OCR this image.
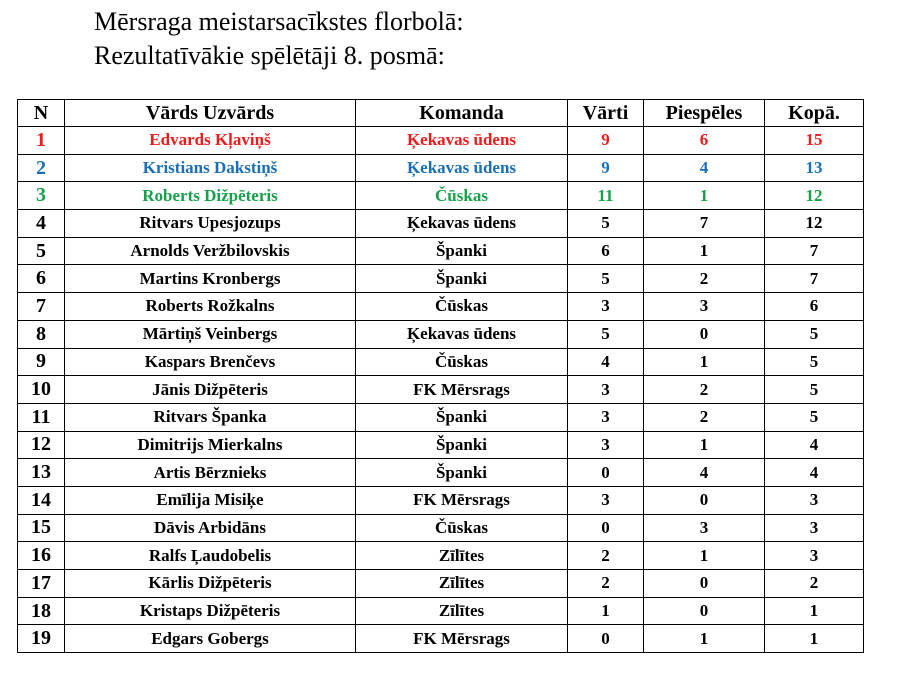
Mērsraga meistarsacīkstes florbolā:
Rezultatīvākie spēlētāji 8. posmā:
N	Vārds Uzvārds	Komanda	Vārti	Piespēles	Kopā.
1	Edvards Kļaviņš	Ķekavas ūdens	9	6	15
2	Kristians Dakstiņš	Ķekavas ūdens	9	4	13
3	Roberts Dižpēteris	Čūskas	11	1	12
4	Ritvars Upesjozups	Ķekavas ūdens	5	7	12
5	Arnolds Veržbilovskis	Španki	6	1	7
6	Martins Kronbergs	Španki	5	2	7
7	Roberts Rožkalns	Čūskas	3	3	6
8	Mārtiņš Veinbergs	Ķekavas ūdens	5	0	5
9	Kaspars Brenčevs	Čūskas	4	1	5
10	Jānis Dižpēteris	FK Mērsrags	3	2	5
11	Ritvars Španka	Španki	3	2	5
12	Dimitrijs Mierkalns	Španki	3	1	4
13	Artis Bērznieks	Španki	0	4	4
14	Emīlija Misiķe	FK Mērsrags	3	0	3
15	Dāvis Arbidāns	Čūskas	0	3	3
16	Ralfs Ļaudobelis	Zīlītes	2	1	3
17	Kārlis Dižpēteris	Zīlītes	2	0	2
18	Kristaps Dižpēteris	Zīlītes	1	0	1
19	Edgars Gobergs	FK Mērsrags	0	1	1
